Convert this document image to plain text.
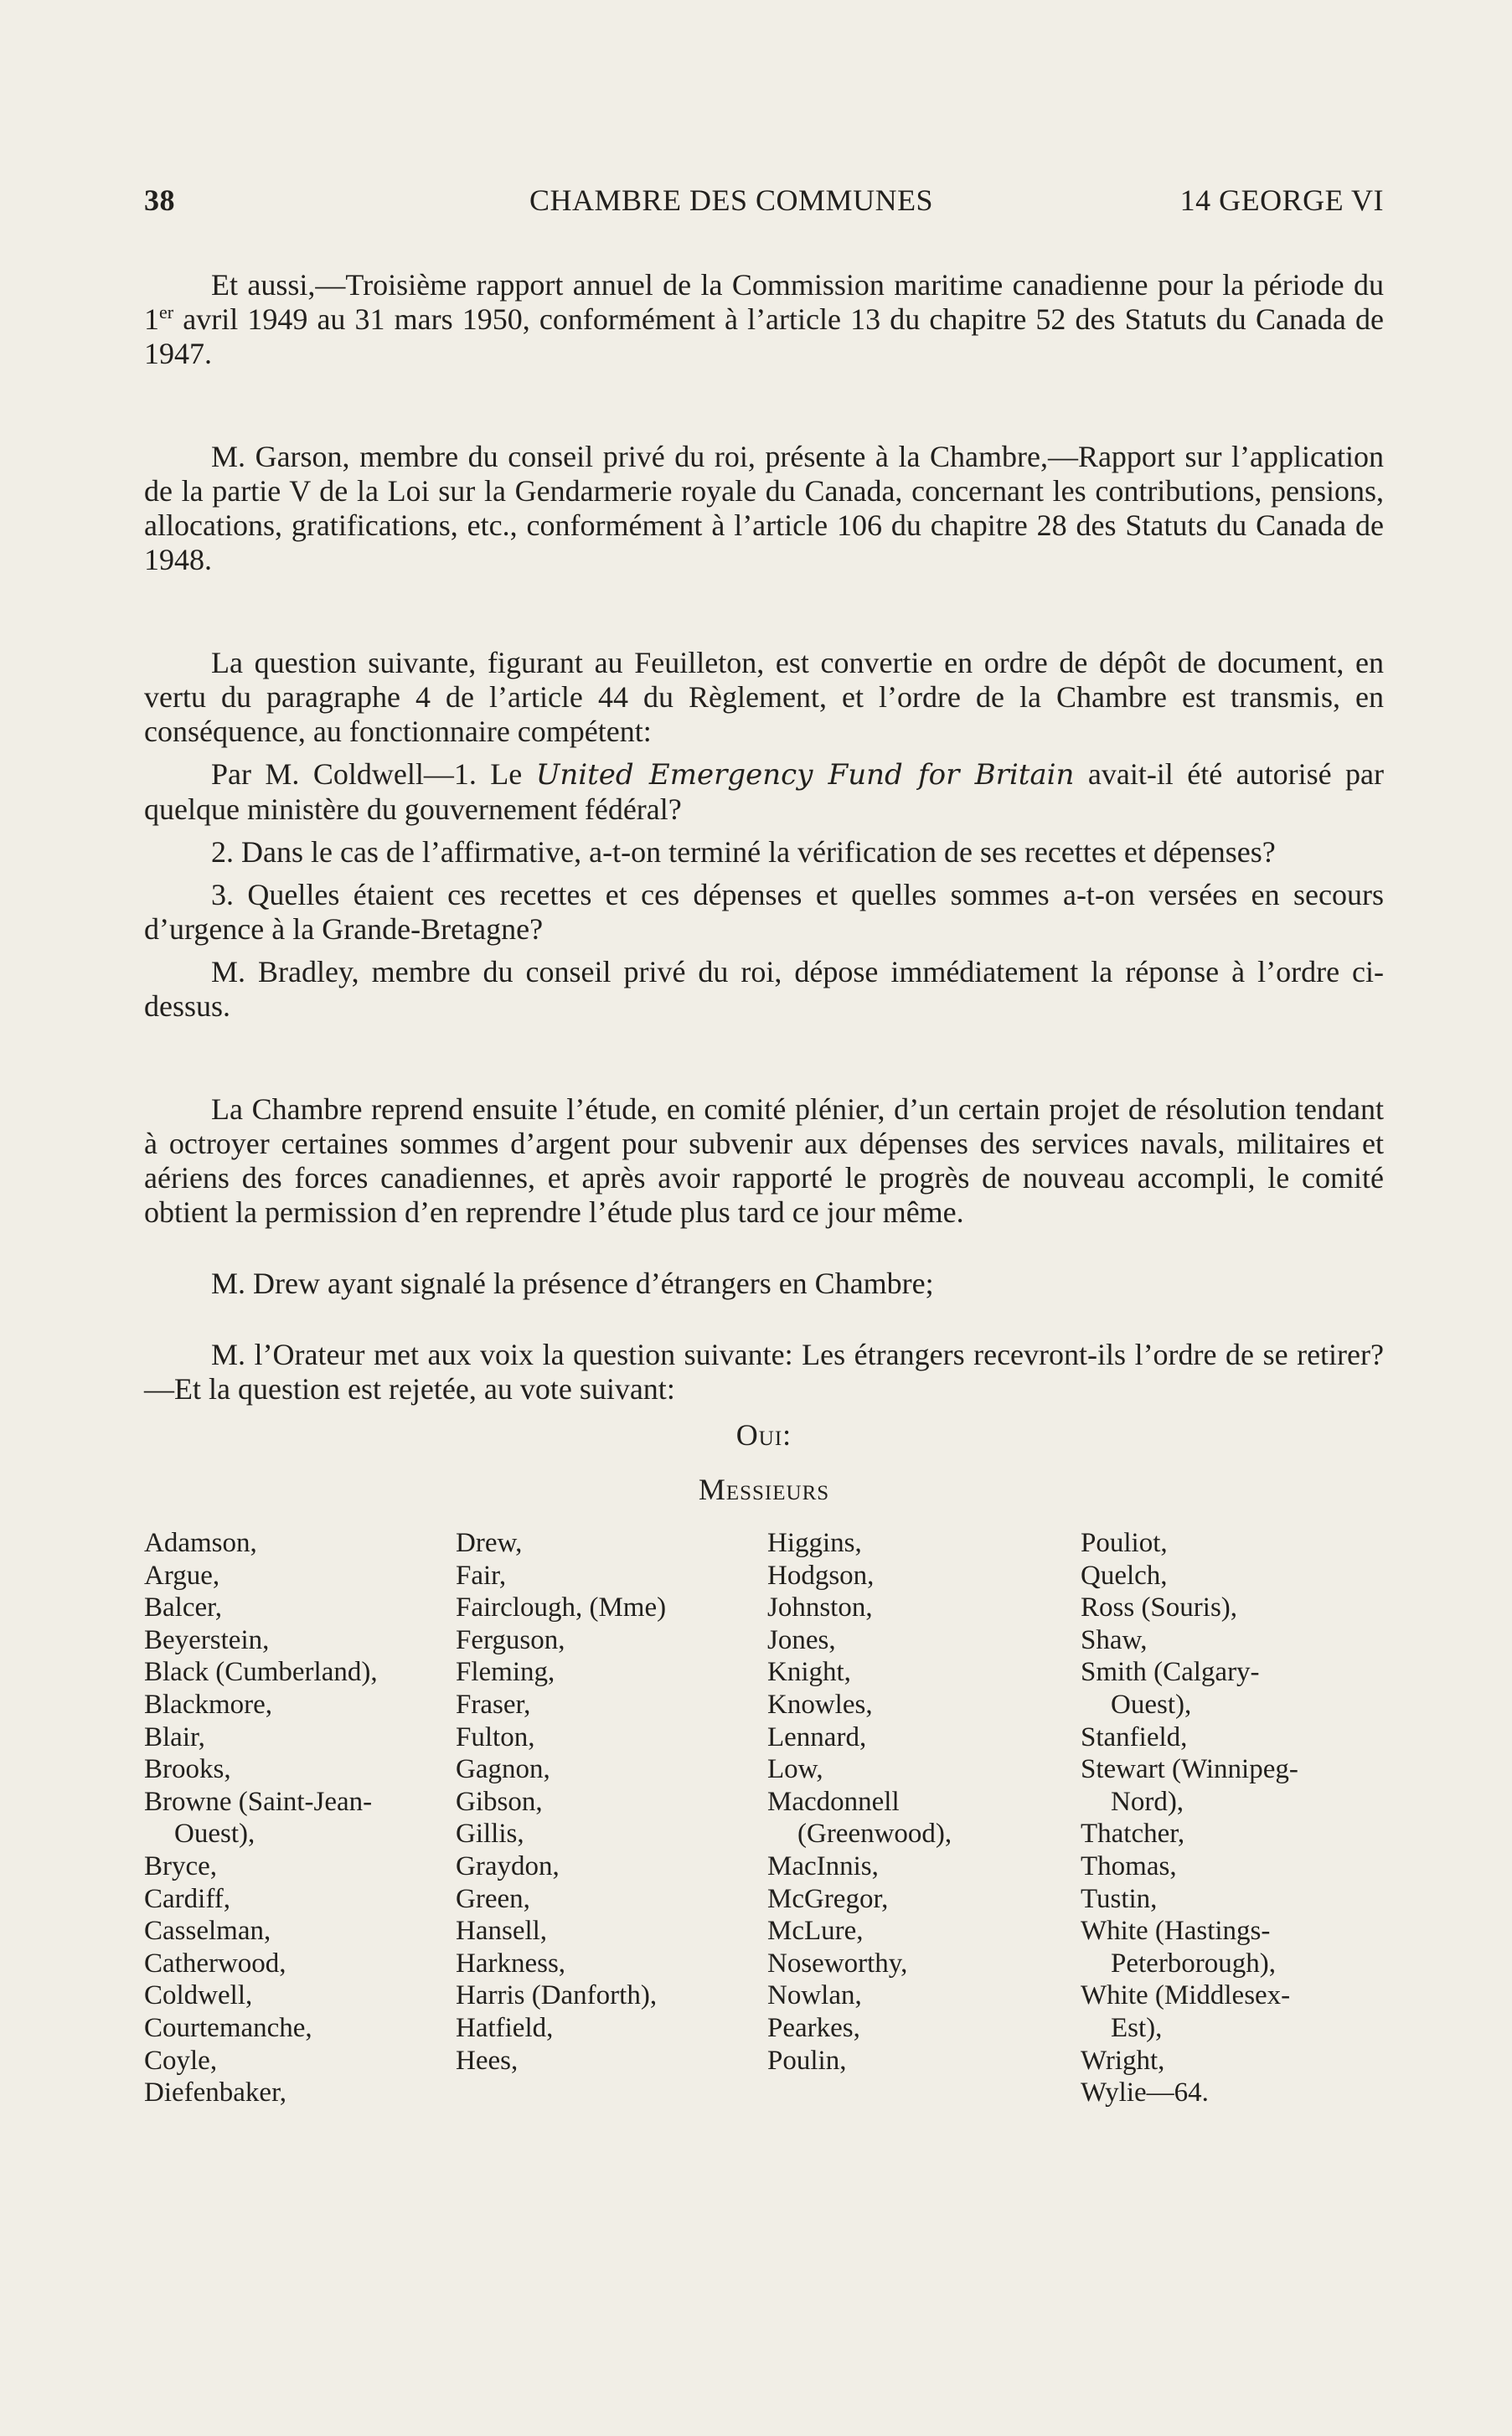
38	CHAMBRE DES COMMUNES	14 GEORGE VI

Et aussi,—Troisième rapport annuel de la Commission maritime canadienne pour la période du 1er avril 1949 au 31 mars 1950, conformément à l’article 13 du chapitre 52 des Statuts du Canada de 1947.

M. Garson, membre du conseil privé du roi, présente à la Chambre,—Rapport sur l’application de la partie V de la Loi sur la Gendarmerie royale du Canada, concernant les contributions, pensions, allocations, gratifications, etc., conformément à l’article 106 du chapitre 28 des Statuts du Canada de 1948.

La question suivante, figurant au Feuilleton, est convertie en ordre de dépôt de document, en vertu du paragraphe 4 de l’article 44 du Règlement, et l’ordre de la Chambre est transmis, en conséquence, au fonctionnaire compétent:

Par M. Coldwell—1. Le United Emergency Fund for Britain avait-il été autorisé par quelque ministère du gouvernement fédéral?

2. Dans le cas de l’affirmative, a-t-on terminé la vérification de ses recettes et dépenses?

3. Quelles étaient ces recettes et ces dépenses et quelles sommes a-t-on versées en secours d’urgence à la Grande-Bretagne?

M. Bradley, membre du conseil privé du roi, dépose immédiatement la réponse à l’ordre ci-dessus.

La Chambre reprend ensuite l’étude, en comité plénier, d’un certain projet de résolution tendant à octroyer certaines sommes d’argent pour subvenir aux dépenses des services navals, militaires et aériens des forces canadiennes, et après avoir rapporté le progrès de nouveau accompli, le comité obtient la permission d’en reprendre l’étude plus tard ce jour même.

M. Drew ayant signalé la présence d’étrangers en Chambre;

M. l’Orateur met aux voix la question suivante: Les étrangers recevront-ils l’ordre de se retirer?—Et la question est rejetée, au vote suivant:

Oui:
Messieurs
Adamson,
Argue,
Balcer,
Beyerstein,
Black (Cumberland),
Blackmore,
Blair,
Brooks,
Browne (Saint-Jean-
Ouest),
Bryce,
Cardiff,
Casselman,
Catherwood,
Coldwell,
Courtemanche,
Coyle,
Diefenbaker,
Drew,
Fair,
Fairclough, (Mme)
Ferguson,
Fleming,
Fraser,
Fulton,
Gagnon,
Gibson,
Gillis,
Graydon,
Green,
Hansell,
Harkness,
Harris (Danforth),
Hatfield,
Hees,
Higgins,
Hodgson,
Johnston,
Jones,
Knight,
Knowles,
Lennard,
Low,
Macdonnell
(Greenwood),
MacInnis,
McGregor,
McLure,
Noseworthy,
Nowlan,
Pearkes,
Poulin,
Pouliot,
Quelch,
Ross (Souris),
Shaw,
Smith (Calgary-
Ouest),
Stanfield,
Stewart (Winnipeg-
Nord),
Thatcher,
Thomas,
Tustin,
White (Hastings-
Peterborough),
White (Middlesex-
Est),
Wright,
Wylie—64.
